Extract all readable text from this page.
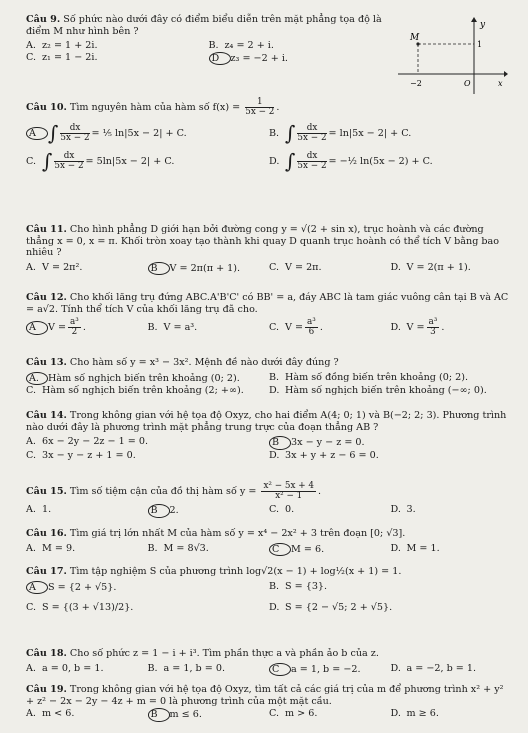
Câu 9. Số phức nào dưới đây có điểm biểu diễn trên mặt phẳng tọa độ là điểm M như hình bên ?
A. z₂ = 1 + 2i.	B. z₄ = 2 + i.
C. z₁ = 1 − 2i.	D z₃ = −2 + i.
y
M
1
−2	O	x
Câu 10. Tìm nguyên hàm của hàm số $f(x) = \frac{1}{5x - 2}$ .
A ∫ $\frac{dx}{5x - 2}$ = ⅕ ln|5x − 2| + C.	B. ∫ $\frac{dx}{5x - 2} = \ln|5x - 2| + C$.
C. ∫ $\frac{dx}{5x - 2} = 5\ln|5x - 2| + C$.	D. ∫ $\frac{dx}{5x - 2}$ = −½ ln(5x − 2) + C.
Câu 11. Cho hình phẳng D giới hạn bởi đường cong y = √(2 + sin x), trục hoành và các đường thẳng x = 0, x = π. Khối tròn xoay tạo thành khi quay D quanh trục hoành có thể tích V bằng bao nhiêu ?
A. V = 2π².	B V = 2π(π + 1).	C. V = 2π.	D. V = 2(π + 1).
Câu 12. Cho khối lăng trụ đứng ABC.A'B'C' có BB' = a, đáy ABC là tam giác vuông cân tại B và AC = a√2. Tính thể tích V của khối lăng trụ đã cho.
A $V = \frac{\text{a³}}{2}$ .	B. V = a³.	C. $V = \frac{\text{a³}}{6}$ .	D. $V = \frac{\text{a³}}{3}$ .
Câu 13. Cho hàm số y = x³ − 3x². Mệnh đề nào dưới đây đúng ?
A. Hàm số nghịch biến trên khoảng (0; 2).	B. Hàm số đồng biến trên khoảng (0; 2).
C. Hàm số nghịch biến trên khoảng (2; +∞).	D. Hàm số nghịch biến trên khoảng (−∞; 0).
Câu 14. Trong không gian với hệ tọa độ Oxyz, cho hai điểm A(4; 0; 1) và B(−2; 2; 3). Phương trình nào dưới đây là phương trình mặt phẳng trung trực của đoạn thẳng AB ?
A. 6x − 2y − 2z − 1 = 0.	B 3x − y − z = 0.
C. 3x − y − z + 1 = 0.	D. 3x + y + z − 6 = 0.
Câu 15. Tìm số tiệm cận của đồ thị hàm số $y = \frac{\text{x² − 5x + 4}}{\text{x² − 1}}$ .
A. 1.	B 2.	C. 0.	D. 3.
Câu 16. Tìm giá trị lớn nhất M của hàm số y = x⁴ − 2x² + 3 trên đoạn [0; √3].
A. M = 9.	B. M = 8√3.	C M = 6.	D. M = 1.
Câu 17. Tìm tập nghiệm S của phương trình log√2(x − 1) + log½(x + 1) = 1.
A S = {2 + √5}.	B. S = {3}.
C. S = {(3 + √13)/2}.	D. S = {2 − √5; 2 + √5}.
Câu 18. Cho số phức z = 1 − i + i³. Tìm phần thực a và phần ảo b của z.
A. a = 0, b = 1.	B. a = 1, b = 0.	C a = 1, b = −2.	D. a = −2, b = 1.
Câu 19. Trong không gian với hệ tọa độ Oxyz, tìm tất cả các giá trị của m để phương trình x² + y² + z² − 2x − 2y − 4z + m = 0 là phương trình của một mặt cầu.
A. m < 6.	B m ≤ 6.	C. m > 6.	D. m ≥ 6.
